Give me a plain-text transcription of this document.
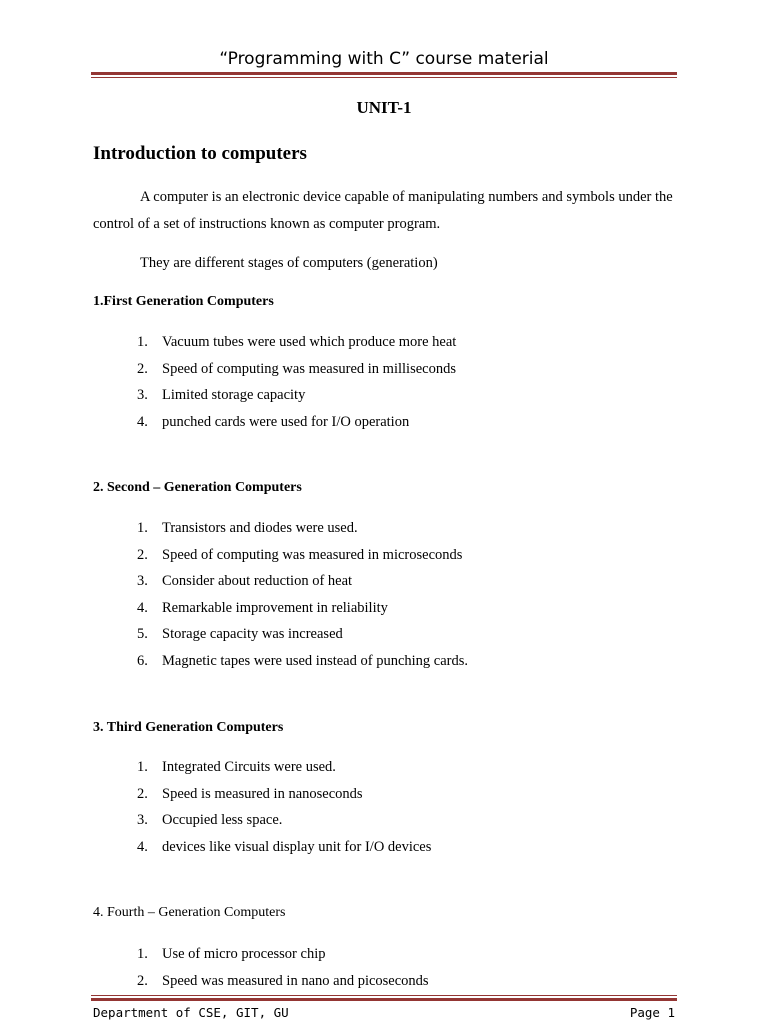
“Programming with C” course material
UNIT-1
Introduction to computers
A computer is an electronic device capable of manipulating numbers and symbols under the control of a set of instructions known as computer program.
They are different stages of computers (generation)
1.First Generation Computers
1. Vacuum tubes were used which produce more heat
2. Speed of computing was measured in milliseconds
3. Limited storage capacity
4. punched cards were used for I/O operation
2. Second – Generation Computers
1. Transistors and diodes were used.
2. Speed of computing was measured in microseconds
3. Consider about reduction of heat
4. Remarkable improvement in reliability
5. Storage capacity was increased
6. Magnetic tapes were used instead of punching cards.
3. Third Generation Computers
1. Integrated Circuits were used.
2. Speed is measured in nanoseconds
3. Occupied less space.
4. devices like visual display unit for I/O devices
4. Fourth – Generation Computers
1. Use of micro processor chip
2. Speed was measured in nano and picoseconds
Department of CSE, GIT, GU	Page 1
